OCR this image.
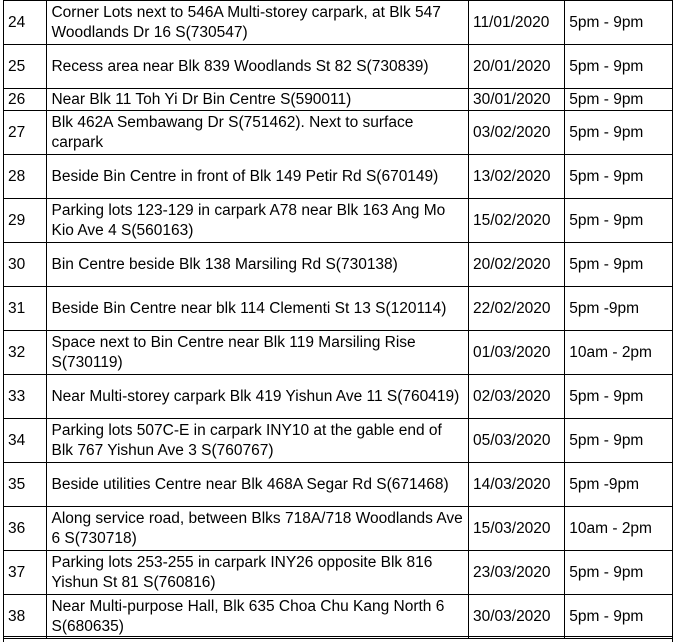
24	Corner Lots next to 546A Multi-storey carpark, at Blk 547 Woodlands Dr 16 S(730547)	11/01/2020	5pm - 9pm
25	Recess area near Blk 839 Woodlands St 82 S(730839)	20/01/2020	5pm - 9pm
26	Near Blk 11 Toh Yi Dr Bin Centre S(590011)	30/01/2020	5pm - 9pm
27	Blk 462A Sembawang Dr S(751462). Next to surface carpark	03/02/2020	5pm - 9pm
28	Beside Bin Centre in front of Blk 149 Petir Rd S(670149)	13/02/2020	5pm - 9pm
29	Parking lots 123-129 in carpark A78 near Blk 163 Ang Mo Kio Ave 4 S(560163)	15/02/2020	5pm - 9pm
30	Bin Centre beside Blk 138 Marsiling Rd S(730138)	20/02/2020	5pm - 9pm
31	Beside Bin Centre near blk 114 Clementi St 13 S(120114)	22/02/2020	5pm -9pm
32	Space next to Bin Centre near Blk 119 Marsiling Rise S(730119)	01/03/2020	10am - 2pm
33	Near Multi-storey carpark Blk 419 Yishun Ave 11 S(760419)	02/03/2020	5pm - 9pm
34	Parking lots 507C-E in carpark INY10 at the gable end of Blk 767 Yishun Ave 3 S(760767)	05/03/2020	5pm - 9pm
35	Beside utilities Centre near Blk 468A Segar Rd S(671468)	14/03/2020	5pm -9pm
36	Along service road, between Blks 718A/718 Woodlands Ave 6 S(730718)	15/03/2020	10am - 2pm
37	Parking lots 253-255 in carpark INY26 opposite Blk 816 Yishun St 81 S(760816)	23/03/2020	5pm - 9pm
38	Near Multi-purpose Hall, Blk 635 Choa Chu Kang North 6 S(680635)	30/03/2020	5pm - 9pm
